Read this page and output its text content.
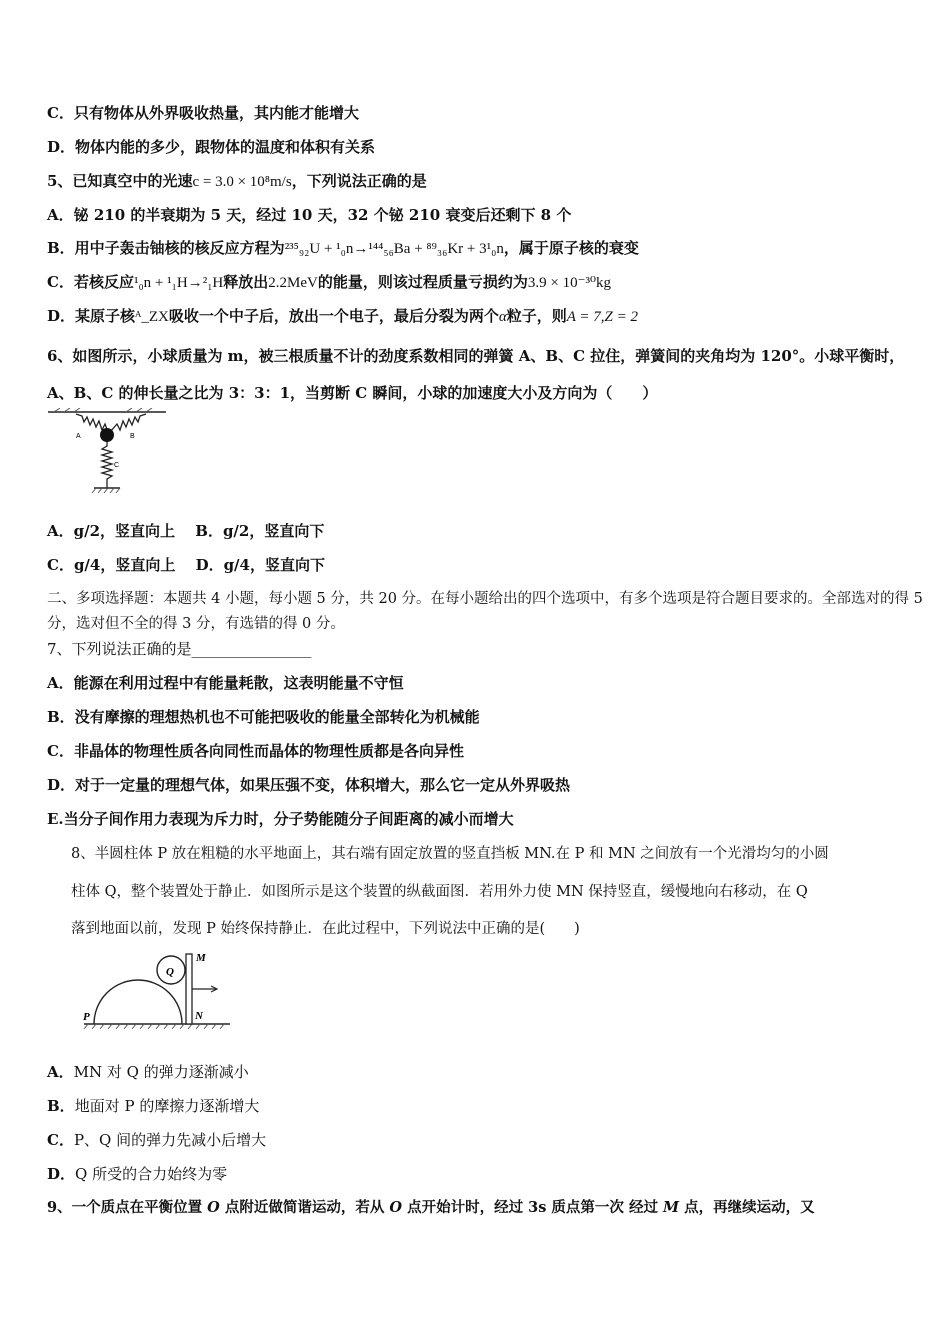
C．只有物体从外界吸收热量，其内能才能增大
D．物体内能的多少，跟物体的温度和体积有关系
5、已知真空中的光速c = 3.0 × 10⁸m/s，下列说法正确的是
A．铋 210 的半衰期为 5 天，经过 10 天，32 个铋 210 衰变后还剩下 8 个
B．用中子轰击铀核的核反应方程为²³⁵₉₂U + ¹₀n→¹⁴⁴₅₆Ba + ⁸⁹₃₆Kr + 3¹₀n，属于原子核的衰变
C．若核反应¹₀n + ¹₁H→²₁H释放出2.2MeV的能量，则该过程质量亏损约为3.9 × 10⁻³⁰kg
D．某原子核ᴬ_ZX吸收一个中子后，放出一个电子，最后分裂为两个α粒子，则A = 7,Z = 2
6、如图所示，小球质量为 m，被三根质量不计的劲度系数相同的弹簧 A、B、C 拉住，弹簧间的夹角均为 120°。小球平衡时，A、B、C 的伸长量之比为 3：3：1，当剪断 C 瞬间，小球的加速度大小及方向为（　　）
A	B
C
A．g/2，竖直向上　 B．g/2，竖直向下
C．g/4，竖直向上　 D．g/4，竖直向下
二、多项选择题：本题共 4 小题，每小题 5 分，共 20 分。在每小题给出的四个选项中，有多个选项是符合题目要求的。全部选对的得 5 分，选对但不全的得 3 分，有选错的得 0 分。
7、下列说法正确的是________________
A．能源在利用过程中有能量耗散，这表明能量不守恒
B．没有摩擦的理想热机也不可能把吸收的能量全部转化为机械能
C．非晶体的物理性质各向同性而晶体的物理性质都是各向异性
D．对于一定量的理想气体，如果压强不变，体积增大，那么它一定从外界吸热
E.当分子间作用力表现为斥力时，分子势能随分子间距离的减小而增大
8、半圆柱体 P 放在粗糙的水平地面上，其右端有固定放置的竖直挡板 MN.在 P 和 MN 之间放有一个光滑均匀的小圆
柱体 Q，整个装置处于静止．如图所示是这个装置的纵截面图．若用外力使 MN 保持竖直，缓慢地向右移动，在 Q
落到地面以前，发现 P 始终保持静止．在此过程中，下列说法中正确的是(　　)
Q
M
P	N
A．MN 对 Q 的弹力逐渐减小
B．地面对 P 的摩擦力逐渐增大
C．P、Q 间的弹力先减小后增大
D．Q 所受的合力始终为零
9、一个质点在平衡位置 O 点附近做简谐运动，若从 O 点开始计时，经过 3s 质点第一次 经过 M 点，再继续运动，又
